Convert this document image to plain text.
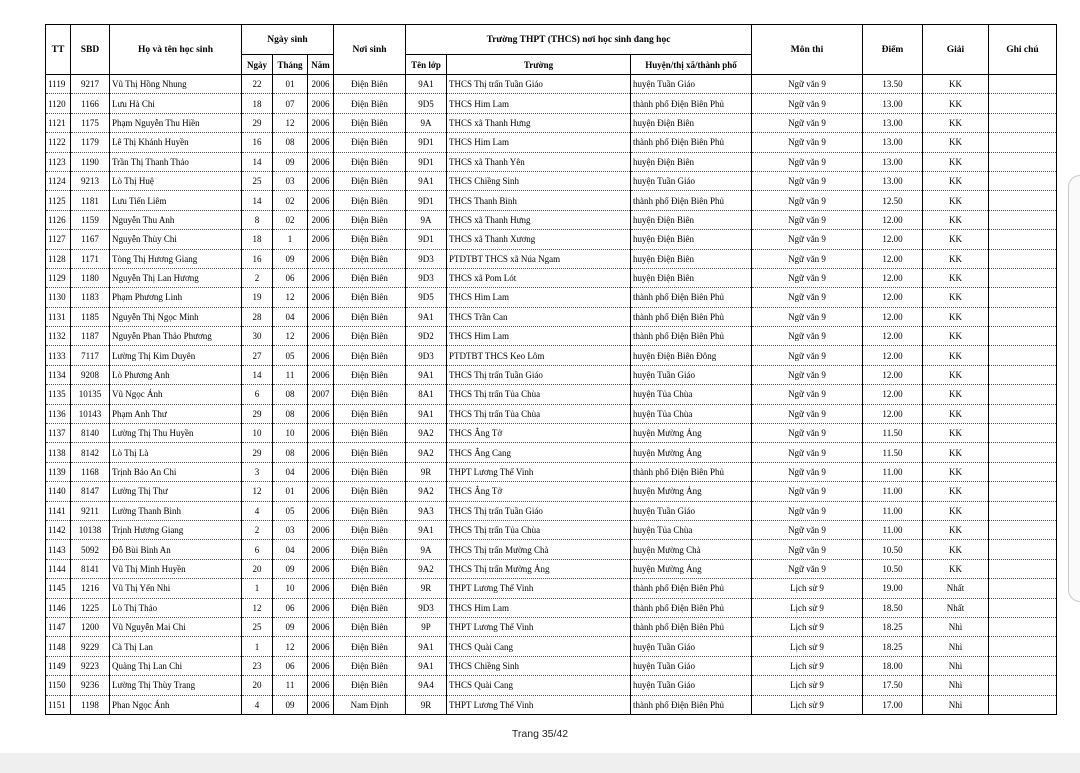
TT	SBD	Họ và tên học sinh	Ngày sinh			Nơi sinh	Trường THPT (THCS) nơi học sinh đang học			Môn thi	Điểm	Giải	Ghi chú
			Ngày	Tháng	Năm		Tên lớp	Trường	Huyện/thị xã/thành phố				
1119	9217	Vũ Thị Hồng Nhung	22	01	2006	Điện Biên	9A1	THCS Thị trấn Tuần Giáo	huyện Tuần Giáo	Ngữ văn 9	13.50	KK	
1120	1166	Lưu Hà Chi	18	07	2006	Điện Biên	9D5	THCS Him Lam	thành phố Điện Biên Phủ	Ngữ văn 9	13.00	KK	
1121	1175	Phạm Nguyễn Thu Hiền	29	12	2006	Điện Biên	9A	THCS xã Thanh Hưng	huyện Điện Biên	Ngữ văn 9	13.00	KK	
1122	1179	Lê Thị Khánh Huyền	16	08	2006	Điện Biên	9D1	THCS Him Lam	thành phố Điện Biên Phủ	Ngữ văn 9	13.00	KK	
1123	1190	Trần Thị Thanh Thảo	14	09	2006	Điện Biên	9D1	THCS xã Thanh Yên	huyện Điện Biên	Ngữ văn 9	13.00	KK	
1124	9213	Lò Thị Huệ	25	03	2006	Điện Biên	9A1	THCS Chiềng Sinh	huyện Tuần Giáo	Ngữ văn 9	13.00	KK	
1125	1181	Lưu Tiến Liêm	14	02	2006	Điện Biên	9D1	THCS Thanh Bình	thành phố Điện Biên Phủ	Ngữ văn 9	12.50	KK	
1126	1159	Nguyễn Thu Anh	8	02	2006	Điện Biên	9A	THCS xã Thanh Hưng	huyện Điện Biên	Ngữ văn 9	12.00	KK	
1127	1167	Nguyễn Thùy Chi	18	1	2006	Điện Biên	9D1	THCS xã Thanh Xương	huyện Điện Biên	Ngữ văn 9	12.00	KK	
1128	1171	Tòng Thị Hương Giang	16	09	2006	Điện Biên	9D3	PTDTBT THCS xã Núa Ngam	huyện Điện Biên	Ngữ văn 9	12.00	KK	
1129	1180	Nguyễn Thị Lan Hương	2	06	2006	Điện Biên	9D3	THCS xã Pom Lót	huyện Điện Biên	Ngữ văn 9	12.00	KK	
1130	1183	Phạm Phương Linh	19	12	2006	Điện Biên	9D5	THCS Him Lam	thành phố Điện Biên Phủ	Ngữ văn 9	12.00	KK	
1131	1185	Nguyễn Thị Ngọc Minh	28	04	2006	Điện Biên	9A1	THCS Trần Can	thành phố Điện Biên Phủ	Ngữ văn 9	12.00	KK	
1132	1187	Nguyễn Phan Thảo Phương	30	12	2006	Điện Biên	9D2	THCS Him Lam	thành phố Điện Biên Phủ	Ngữ văn 9	12.00	KK	
1133	7117	Lường Thị Kim Duyên	27	05	2006	Điện Biên	9D3	PTDTBT THCS Keo Lôm	huyện Điện Biên Đông	Ngữ văn 9	12.00	KK	
1134	9208	Lò Phương Anh	14	11	2006	Điện Biên	9A1	THCS Thị trấn Tuần Giáo	huyện Tuần Giáo	Ngữ văn 9	12.00	KK	
1135	10135	Vũ Ngọc Ánh	6	08	2007	Điện Biên	8A1	THCS Thị trấn Tủa Chùa	huyện Tủa Chùa	Ngữ văn 9	12.00	KK	
1136	10143	Phạm Anh Thư	29	08	2006	Điện Biên	9A1	THCS Thị trấn Tủa Chùa	huyện Tủa Chùa	Ngữ văn 9	12.00	KK	
1137	8140	Lường Thị Thu Huyền	10	10	2006	Điện Biên	9A2	THCS Ẳng Tở	huyện Mường Ảng	Ngữ văn 9	11.50	KK	
1138	8142	Lò Thị Là	29	08	2006	Điện Biên	9A2	THCS Ẳng Cang	huyện Mường Ảng	Ngữ văn 9	11.50	KK	
1139	1168	Trịnh Bảo An Chi	3	04	2006	Điện Biên	9R	THPT Lương Thế Vinh	thành phố Điện Biên Phủ	Ngữ văn 9	11.00	KK	
1140	8147	Lường Thị Thư	12	01	2006	Điện Biên	9A2	THCS Ẳng Tở	huyện Mường Ảng	Ngữ văn 9	11.00	KK	
1141	9211	Lường Thanh Bình	4	05	2006	Điện Biên	9A3	THCS Thị trấn Tuần Giáo	huyện Tuần Giáo	Ngữ văn 9	11.00	KK	
1142	10138	Trịnh Hương Giang	2	03	2006	Điện Biên	9A1	THCS Thị trấn Tủa Chùa	huyện Tủa Chùa	Ngữ văn 9	11.00	KK	
1143	5092	Đỗ Bùi Bình An	6	04	2006	Điện Biên	9A	THCS Thị trấn Mường Chà	huyện Mường Chà	Ngữ văn 9	10.50	KK	
1144	8141	Vũ Thị Minh Huyền	20	09	2006	Điện Biên	9A2	THCS Thị trấn Mường Ảng	huyện Mường Ảng	Ngữ văn 9	10.50	KK	
1145	1216	Vũ Thị Yến Nhi	1	10	2006	Điện Biên	9R	THPT Lương Thế Vinh	thành phố Điện Biên Phủ	Lịch sử 9	19.00	Nhất	
1146	1225	Lò Thị Thảo	12	06	2006	Điện Biên	9D3	THCS Him Lam	thành phố Điện Biên Phủ	Lịch sử 9	18.50	Nhất	
1147	1200	Vũ Nguyễn Mai Chi	25	09	2006	Điện Biên	9P	THPT Lương Thế Vinh	thành phố Điện Biên Phủ	Lịch sử 9	18.25	Nhì	
1148	9229	Cà Thị Lan	1	12	2006	Điện Biên	9A1	THCS Quài Cang	huyện Tuần Giáo	Lịch sử 9	18.25	Nhì	
1149	9223	Quàng Thị Lan Chi	23	06	2006	Điện Biên	9A1	THCS Chiềng Sinh	huyện Tuần Giáo	Lịch sử 9	18.00	Nhì	
1150	9236	Lường Thị Thùy Trang	20	11	2006	Điện Biên	9A4	THCS Quài Cang	huyện Tuần Giáo	Lịch sử 9	17.50	Nhì	
1151	1198	Phan Ngọc Ánh	4	09	2006	Nam Định	9R	THPT Lương Thế Vinh	thành phố Điện Biên Phủ	Lịch sử 9	17.00	Nhì	
Trang 35/42
